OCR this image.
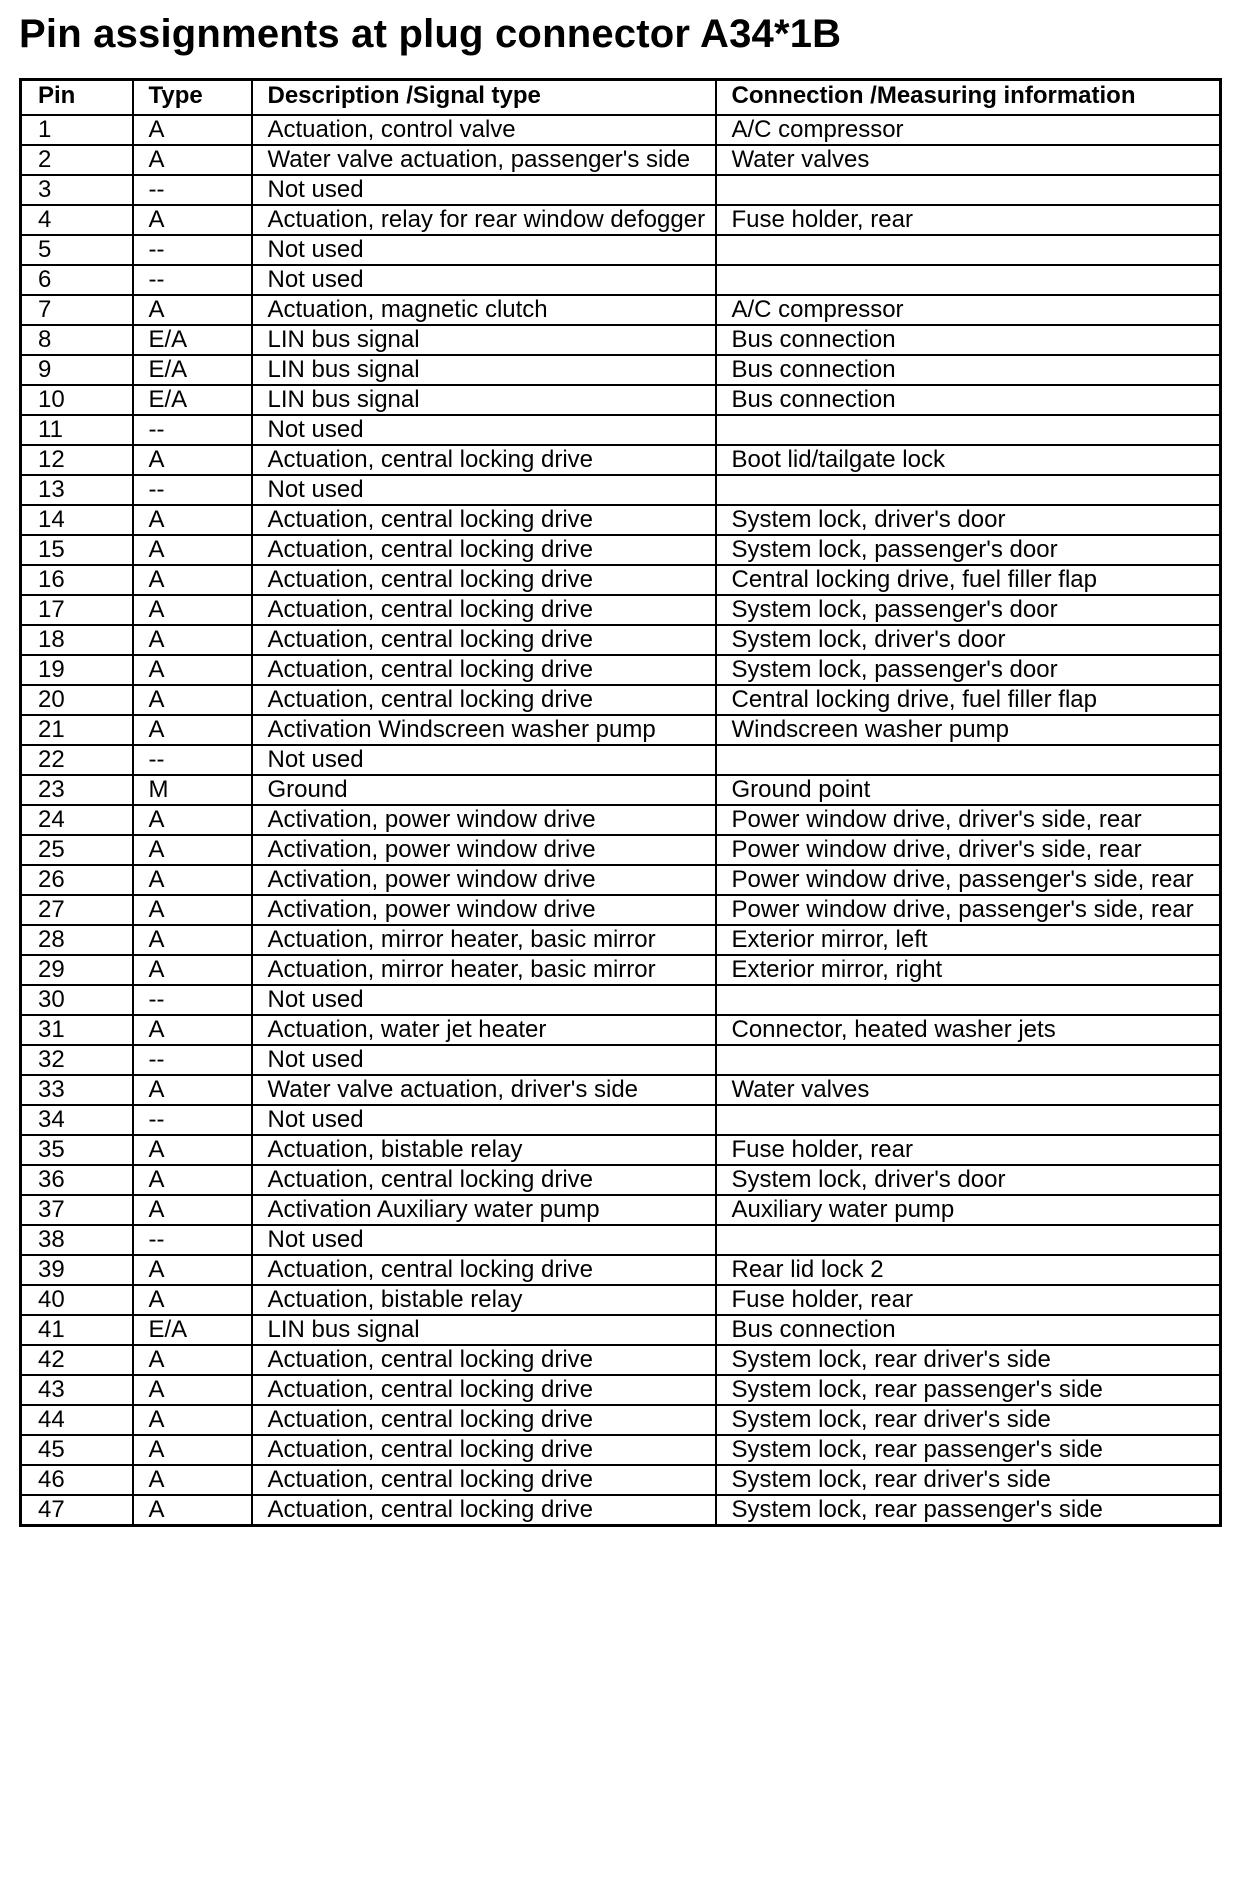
Pin assignments at plug connector A34*1B
Pin	Type	Description /Signal type	Connection /Measuring information
1	A	Actuation, control valve	A/C compressor
2	A	Water valve actuation, passenger's side	Water valves
3	--	Not used	
4	A	Actuation, relay for rear window defogger	Fuse holder, rear
5	--	Not used	
6	--	Not used	
7	A	Actuation, magnetic clutch	A/C compressor
8	E/A	LIN bus signal	Bus connection
9	E/A	LIN bus signal	Bus connection
10	E/A	LIN bus signal	Bus connection
11	--	Not used	
12	A	Actuation, central locking drive	Boot lid/tailgate lock
13	--	Not used	
14	A	Actuation, central locking drive	System lock, driver's door
15	A	Actuation, central locking drive	System lock, passenger's door
16	A	Actuation, central locking drive	Central locking drive, fuel filler flap
17	A	Actuation, central locking drive	System lock, passenger's door
18	A	Actuation, central locking drive	System lock, driver's door
19	A	Actuation, central locking drive	System lock, passenger's door
20	A	Actuation, central locking drive	Central locking drive, fuel filler flap
21	A	Activation Windscreen washer pump	Windscreen washer pump
22	--	Not used	
23	M	Ground	Ground point
24	A	Activation, power window drive	Power window drive, driver's side, rear
25	A	Activation, power window drive	Power window drive, driver's side, rear
26	A	Activation, power window drive	Power window drive, passenger's side, rear
27	A	Activation, power window drive	Power window drive, passenger's side, rear
28	A	Actuation, mirror heater, basic mirror	Exterior mirror, left
29	A	Actuation, mirror heater, basic mirror	Exterior mirror, right
30	--	Not used	
31	A	Actuation, water jet heater	Connector, heated washer jets
32	--	Not used	
33	A	Water valve actuation, driver's side	Water valves
34	--	Not used	
35	A	Actuation, bistable relay	Fuse holder, rear
36	A	Actuation, central locking drive	System lock, driver's door
37	A	Activation Auxiliary water pump	Auxiliary water pump
38	--	Not used	
39	A	Actuation, central locking drive	Rear lid lock 2
40	A	Actuation, bistable relay	Fuse holder, rear
41	E/A	LIN bus signal	Bus connection
42	A	Actuation, central locking drive	System lock, rear driver's side
43	A	Actuation, central locking drive	System lock, rear passenger's side
44	A	Actuation, central locking drive	System lock, rear driver's side
45	A	Actuation, central locking drive	System lock, rear passenger's side
46	A	Actuation, central locking drive	System lock, rear driver's side
47	A	Actuation, central locking drive	System lock, rear passenger's side
